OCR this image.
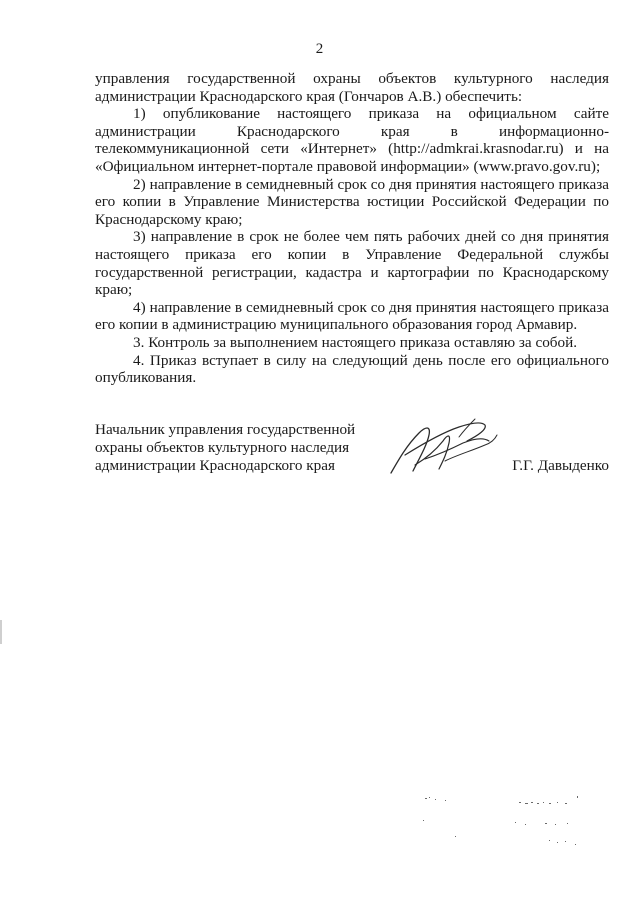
2

управления государственной охраны объектов культурного наследия администрации Краснодарского края (Гончаров А.В.) обеспечить:

1) опубликование настоящего приказа на официальном сайте администрации Краснодарского края в информационно-телекоммуникационной сети «Интернет» (http://admkrai.krasnodar.ru) и на «Официальном интернет-портале правовой информации» (www.pravo.gov.ru);

2) направление в семидневный срок со дня принятия настоящего приказа его копии в Управление Министерства юстиции Российской Федерации по Краснодарскому краю;

3) направление в срок не более чем пять рабочих дней со дня принятия настоящего приказа его копии в Управление Федеральной службы государственной регистрации, кадастра и картографии по Краснодарскому краю;

4) направление в семидневный срок со дня принятия настоящего приказа его копии в администрацию муниципального образования город Армавир.

3. Контроль за выполнением настоящего приказа оставляю за собой.

4. Приказ вступает в силу на следующий день после его официального опубликования.

Начальник управления государственной
охраны объектов культурного наследия
администрации Краснодарского края	Г.Г. Давыденко
